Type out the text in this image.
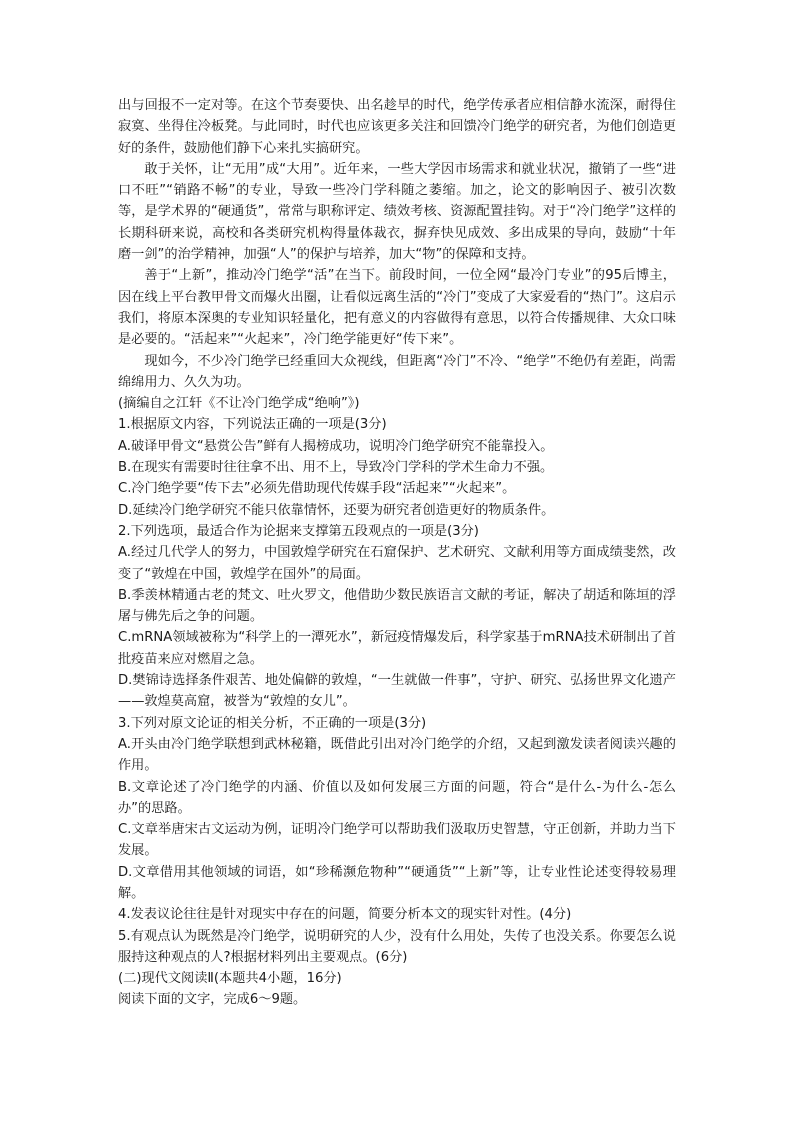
出与回报不一定对等。在这个节奏要快、出名趁早的时代，绝学传承者应相信静水流深，耐得住寂寞、坐得住冷板凳。与此同时，时代也应该更多关注和回馈冷门绝学的研究者，为他们创造更好的条件，鼓励他们静下心来扎实搞研究。

敢于关怀，让“无用”成“大用”。近年来，一些大学因市场需求和就业状况，撤销了一些“进口不旺”“销路不畅”的专业，导致一些冷门学科随之萎缩。加之，论文的影响因子、被引次数等，是学术界的“硬通货”，常常与职称评定、绩效考核、资源配置挂钩。对于“冷门绝学”这样的长期科研来说，高校和各类研究机构得量体裁衣，摒弃快见成效、多出成果的导向，鼓励“十年磨一剑”的治学精神，加强“人”的保护与培养，加大“物”的保障和支持。

善于“上新”，推动冷门绝学“活”在当下。前段时间，一位全网“最冷门专业”的95后博主，因在线上平台教甲骨文而爆火出圈，让看似远离生活的“冷门”变成了大家爱看的“热门”。这启示我们，将原本深奥的专业知识轻量化，把有意义的内容做得有意思，以符合传播规律、大众口味是必要的。“活起来”“火起来”，冷门绝学能更好“传下来”。

现如今，不少冷门绝学已经重回大众视线，但距离“冷门”不冷、“绝学”不绝仍有差距，尚需绵绵用力、久久为功。

(摘编自之江轩《不让冷门绝学成“绝响”》)

1.根据原文内容，下列说法正确的一项是(3分)

A.破译甲骨文“悬赏公告”鲜有人揭榜成功，说明冷门绝学研究不能靠投入。

B.在现实有需要时往往拿不出、用不上，导致冷门学科的学术生命力不强。

C.冷门绝学要“传下去”必须先借助现代传媒手段“活起来”“火起来”。

D.延续冷门绝学研究不能只依靠情怀，还要为研究者创造更好的物质条件。

2.下列选项，最适合作为论据来支撑第五段观点的一项是(3分)

A.经过几代学人的努力，中国敦煌学研究在石窟保护、艺术研究、文献利用等方面成绩斐然，改变了“敦煌在中国，敦煌学在国外”的局面。

B.季羡林精通古老的梵文、吐火罗文，他借助少数民族语言文献的考证，解决了胡适和陈垣的浮屠与佛先后之争的问题。

C.mRNA领域被称为“科学上的一潭死水”，新冠疫情爆发后，科学家基于mRNA技术研制出了首批疫苗来应对燃眉之急。

D.樊锦诗选择条件艰苦、地处偏僻的敦煌，“一生就做一件事”，守护、研究、弘扬世界文化遗产——敦煌莫高窟，被誉为“敦煌的女儿”。

3.下列对原文论证的相关分析，不正确的一项是(3分)

A.开头由冷门绝学联想到武林秘籍，既借此引出对冷门绝学的介绍，又起到激发读者阅读兴趣的作用。

B.文章论述了冷门绝学的内涵、价值以及如何发展三方面的问题，符合“是什么-为什么-怎么办”的思路。

C.文章举唐宋古文运动为例，证明冷门绝学可以帮助我们汲取历史智慧，守正创新，并助力当下发展。

D.文章借用其他领域的词语，如“珍稀濒危物种”“硬通货”“上新”等，让专业性论述变得较易理解。

4.发表议论往往是针对现实中存在的问题，简要分析本文的现实针对性。(4分)

5.有观点认为既然是冷门绝学，说明研究的人少，没有什么用处，失传了也没关系。你要怎么说服持这种观点的人?根据材料列出主要观点。(6分)

(二)现代文阅读Ⅱ(本题共4小题，16分)

阅读下面的文字，完成6～9题。
